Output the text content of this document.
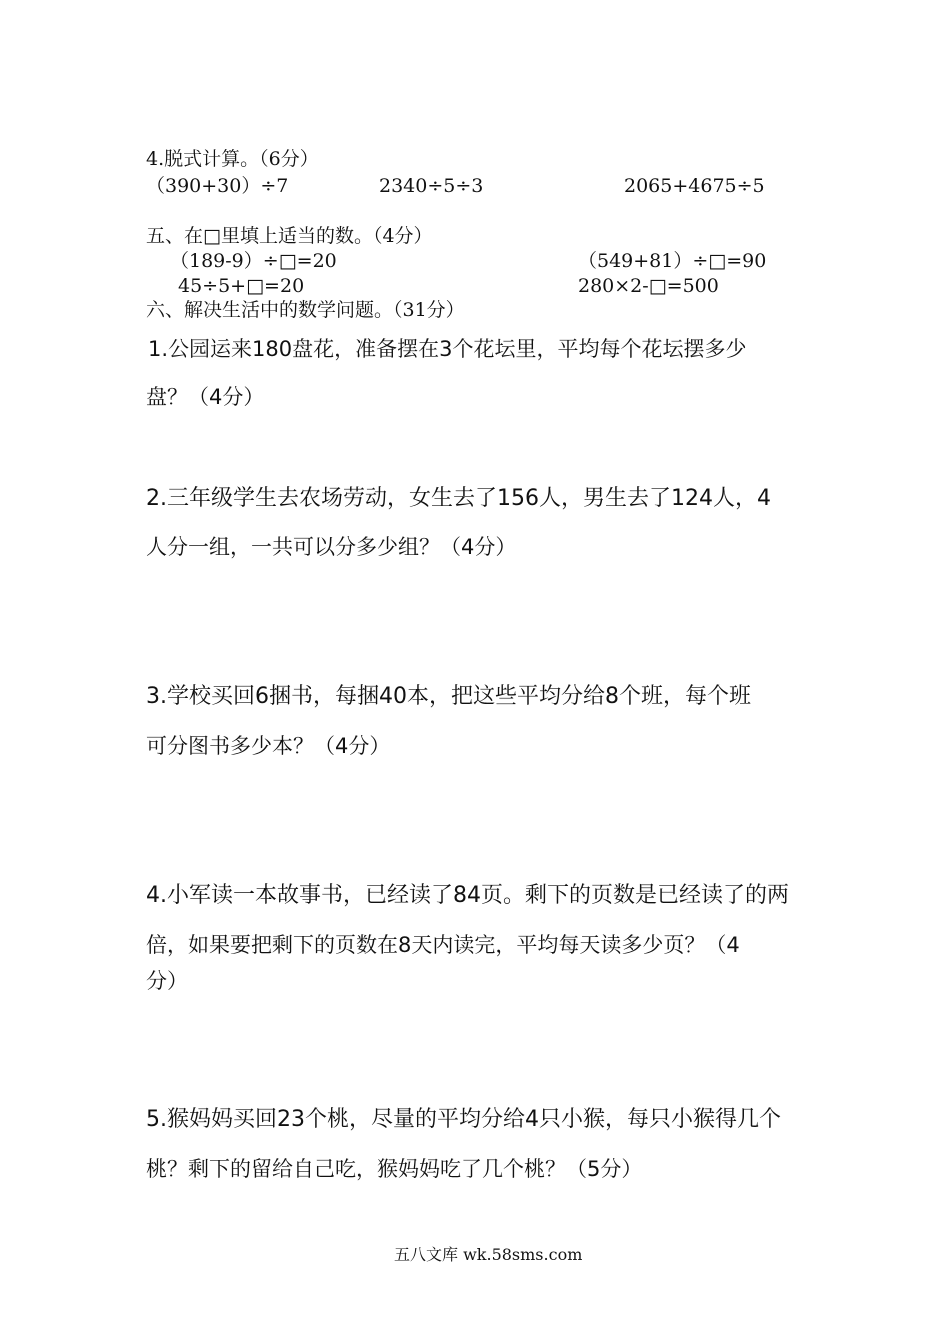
4.脱式计算。（6分）
（390+30）÷7	2340÷5÷3	2065+4675÷5
五、在□里填上适当的数。（4分）
（189-9）÷□=20	（549+81）÷□=90
45÷5+□=20	280×2-□=500
六、解决生活中的数学问题。（31分）
1.公园运来180盘花，准备摆在3个花坛里，平均每个花坛摆多少
盘？（4分）
2.三年级学生去农场劳动，女生去了156人，男生去了124人，4
人分一组，一共可以分多少组？（4分）
3.学校买回6捆书，每捆40本，把这些平均分给8个班，每个班
可分图书多少本？（4分）
4.小军读一本故事书，已经读了84页。剩下的页数是已经读了的两
倍，如果要把剩下的页数在8天内读完，平均每天读多少页？（4
分）
5.猴妈妈买回23个桃，尽量的平均分给4只小猴，每只小猴得几个
桃？剩下的留给自己吃，猴妈妈吃了几个桃？（5分）
五八文库 wk.58sms.com
